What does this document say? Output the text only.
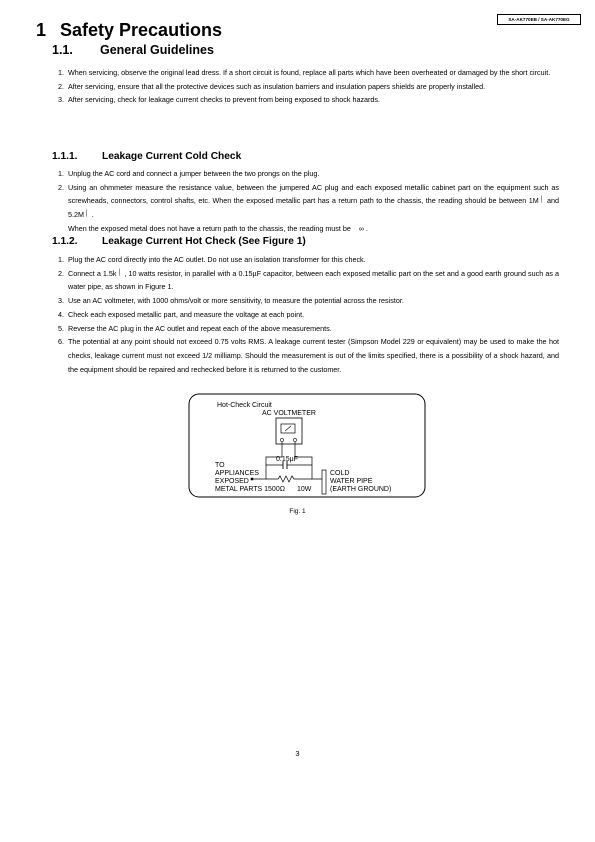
SA-AK770EB / SA-AK770EG
1 Safety Precautions
1.1. General Guidelines
1. When servicing, observe the original lead dress. If a short circuit is found, replace all parts which have been overheated or damaged by the short circuit.
2. After servicing, ensure that all the protective devices such as insulation barriers and insulation papers shields are properly installed.
3. After servicing, check for leakage current checks to prevent from being exposed to shock hazards.
1.1.1. Leakage Current Cold Check
1. Unplug the AC cord and connect a jumper between the two prongs on the plug.
2. Using an ohmmeter measure the resistance value, between the jumpered AC plug and each exposed metallic cabinet part on the equipment such as screwheads, connectors, control shafts, etc. When the exposed metallic part has a return path to the chassis, the reading should be between 1M│ and 5.2M│ .
When the exposed metal does not have a return path to the chassis, the reading must be ∞ .
1.1.2. Leakage Current Hot Check (See Figure 1)
1. Plug the AC cord directly into the AC outlet. Do not use an isolation transformer for this check.
2. Connect a 1.5k│ , 10 watts resistor, in parallel with a 0.15µF capacitor, between each exposed metallic part on the set and a good earth ground such as a water pipe, as shown in Figure 1.
3. Use an AC voltmeter, with 1000 ohms/volt or more sensitivity, to measure the potential across the resistor.
4. Check each exposed metallic part, and measure the voltage at each point.
5. Reverse the AC plug in the AC outlet and repeat each of the above measurements.
6. The potential at any point should not exceed 0.75 volts RMS. A leakage current tester (Simpson Model 229 or equivalent) may be used to make the hot checks, leakage current must not exceed 1/2 milliamp. Should the measurement is out of the limits specified, there is a possibility of a shock hazard, and the equipment should be repaired and rechecked before it is returned to the customer.
Hot-Check Circuit
AC VOLTMETER
0.15μF
TO
APPLIANCES
EXPOSED
METAL PARTS 1500Ω 10W
COLD
WATER PIPE
(EARTH GROUND)
Fig. 1
3
